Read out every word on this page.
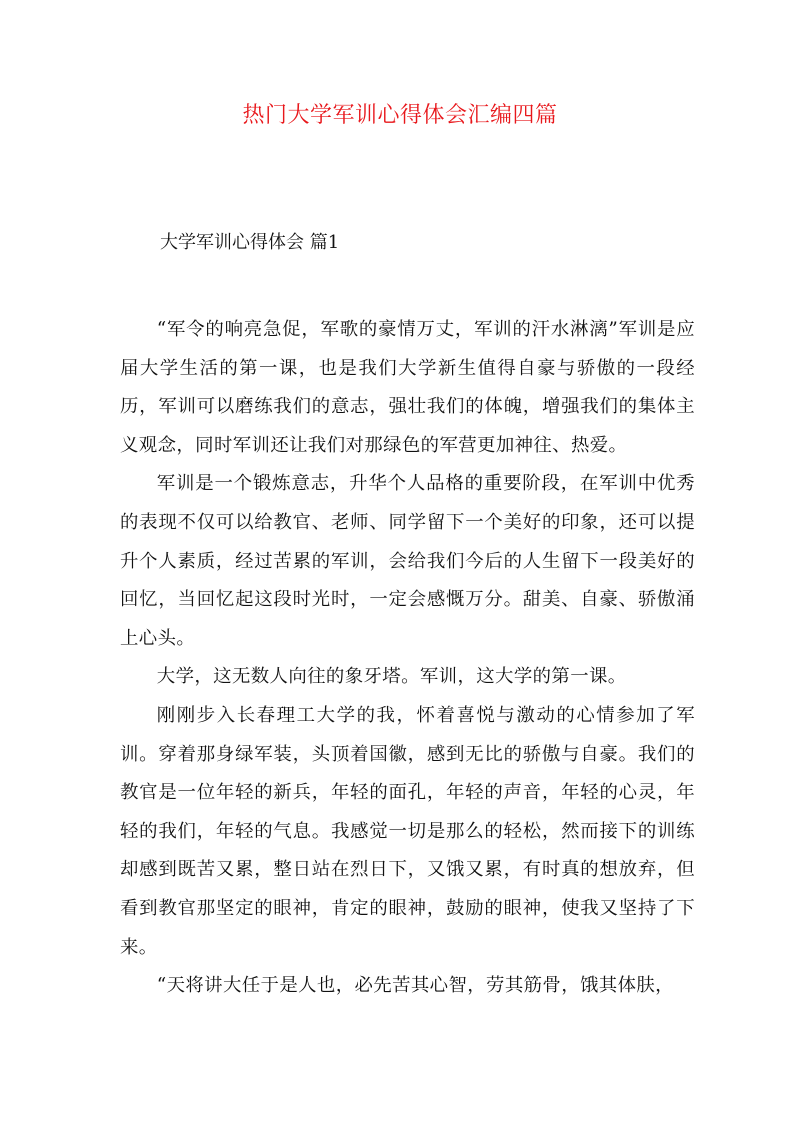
热门大学军训心得体会汇编四篇
大学军训心得体会 篇1

“军令的响亮急促，军歌的豪情万丈，军训的汗水淋漓”军训是应届大学生活的第一课，也是我们大学新生值得自豪与骄傲的一段经历，军训可以磨练我们的意志，强壮我们的体魄，增强我们的集体主义观念，同时军训还让我们对那绿色的军营更加神往、热爱。

军训是一个锻炼意志，升华个人品格的重要阶段，在军训中优秀的表现不仅可以给教官、老师、同学留下一个美好的印象，还可以提升个人素质，经过苦累的军训，会给我们今后的人生留下一段美好的回忆，当回忆起这段时光时，一定会感慨万分。甜美、自豪、骄傲涌上心头。

大学，这无数人向往的象牙塔。军训，这大学的第一课。

刚刚步入长春理工大学的我，怀着喜悦与激动的心情参加了军训。穿着那身绿军装，头顶着国徽，感到无比的骄傲与自豪。我们的教官是一位年轻的新兵，年轻的面孔，年轻的声音，年轻的心灵，年轻的我们，年轻的气息。我感觉一切是那么的轻松，然而接下的训练却感到既苦又累，整日站在烈日下，又饿又累，有时真的想放弃，但看到教官那坚定的眼神，肯定的眼神，鼓励的眼神，使我又坚持了下来。

“天将讲大任于是人也，必先苦其心智，劳其筋骨，饿其体肤，
